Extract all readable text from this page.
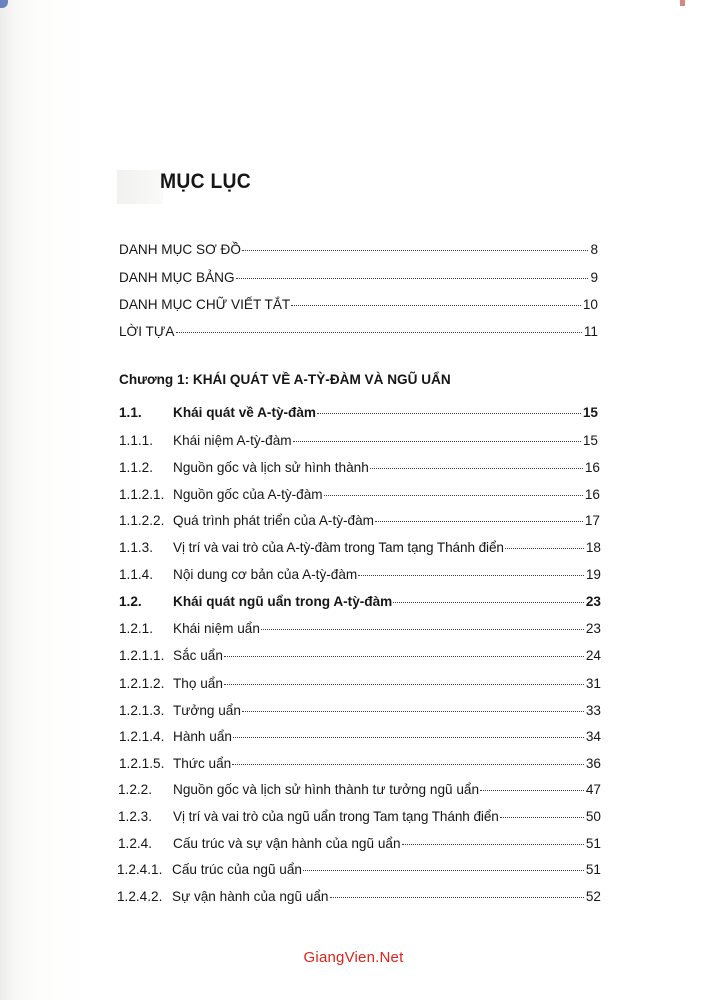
MỤC LỤC
DANH MỤC SƠ ĐỒ	8
DANH MỤC BẢNG	9
DANH MỤC CHỮ VIẾT TẮT	10
LỜI TỰA	11
Chương 1: KHÁI QUÁT VỀ A-TỲ-ĐÀM VÀ NGŨ UẨN
1.1.	Khái quát về A-tỳ-đàm	15
1.1.1.	Khái niệm A-tỳ-đàm	15
1.1.2.	Nguồn gốc và lịch sử hình thành	16
1.1.2.1. Nguồn gốc của A-tỳ-đàm	16
1.1.2.2. Quá trình phát triển của A-tỳ-đàm	17
1.1.3.	Vị trí và vai trò của A-tỳ-đàm trong Tam tạng Thánh điển	18
1.1.4.	Nội dung cơ bản của A-tỳ-đàm	19
1.2.	Khái quát ngũ uẩn trong A-tỳ-đàm	23
1.2.1.	Khái niệm uẩn	23
1.2.1.1. Sắc uẩn	24
1.2.1.2. Thọ uẩn	31
1.2.1.3. Tưởng uẩn	33
1.2.1.4. Hành uẩn	34
1.2.1.5. Thức uẩn	36
1.2.2.	Nguồn gốc và lịch sử hình thành tư tưởng ngũ uẩn	47
1.2.3.	Vị trí và vai trò của ngũ uẩn trong Tam tạng Thánh điển	50
1.2.4.	Cấu trúc và sự vận hành của ngũ uẩn	51
1.2.4.1. Cấu trúc của ngũ uẩn	51
1.2.4.2. Sự vận hành của ngũ uẩn	52
GiangVien.Net
